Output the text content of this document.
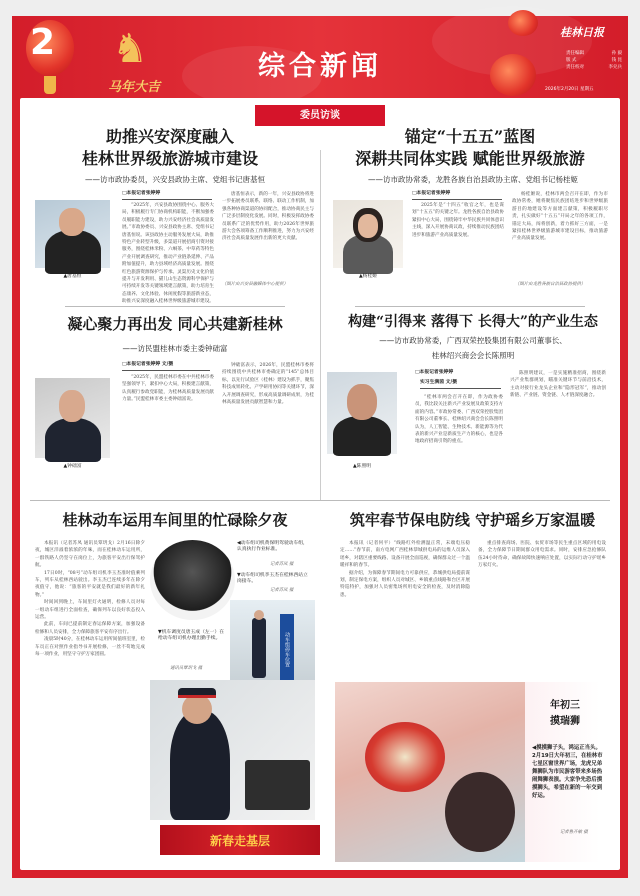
2	♞
马年大吉
综合新闻
桂林日报
责任编辑	孙 毅
版 式	钱 昆
责任校对	李兑兵
2026年2月20日 星期五
委员访谈
助推兴安深度融入
桂林世界级旅游城市建设
——访市政协委员，兴安县政协主席、党组书记唐基恒
▲唐基恒
□本报记者张婷婷
“2025年，兴安县政协围绕中心、服务大局，积极履行专门协商机构职能，不断加强委员履职能力建设，助力兴安经济社会高质量发展。”市政协委员、兴安县政协主席、党组书记唐基恒说。该县政协主动服务发展大局，助推特色产业转型升级，多渠道开展招商引资对接服务，围绕桂林米粉、六峒茶、中草药等特色产业开展调查研究，推动产业链条延伸、产品附加值提升，助力县域经济高质量发展。围绕红色旅游资源保护与传承、灵渠历史文化价值提升与开发利用、猫儿山生态资源科学保护与可持续开发等关键领域建言献策，助力培育生态康养、文化体验、休闲度假等旅游新业态，助推兴安深度融入桂林世界级旅游城市建设。
唐基恒表示，新的一年，兴安县政协将进一步拓展委员联系、联络、联动工作机制，加强各种协商渠道的协同配合，推动协商民主与广泛多层制度化发展。同时，积极发挥政协委员联系广泛的优势作用，助力2026年世界旅游大会各项筹备工作顺利推进，努力为兴安经济社会高质量发展作出新的更大贡献。
（图片由兴安县融媒体中心提供）
锚定“十五五”蓝图
深耕共同体实践 赋能世界级旅游
——访市政协常委，龙胜各族自治县政协主席、党组书记杨桂姬
▲杨桂姬
□本报记者张婷婷
2025年是“十四五”收官之年，也是谋划“十五五”的关键之年。龙胜各族自治县政协紧扣中心大局，围绕铸牢中华民族共同体意识主线，深入开展协商议政，持续推动民族团结进步和旅游产业高质量发展。
杨桂姬说，桂林市两会召开在即，作为市政协常委，她将聚焦民族团结进步和世界级旅游目的地建设等方面建言献策，积极履职尽责，扎实做好“十五五”开局之年的各项工作，锚定大局，闯将创新，着力抓好三方面，一是紧扣桂林世界级旅游城市建设目标，推动旅游产业高质量发展。
（图片由龙胜各族自治县政协提供）
凝心聚力再出发 同心共建新桂林
——访民盟桂林市委主委钟础富
▲钟础富
□本报记者张婷婷 文/摄
“2025年，民盟桂林市委在中共桂林市委坚强领导下，紧扣中心大局，积极建言献策，认真履行参政党职能，为桂林高质量发展贡献力量。”民盟桂林市委主委钟础富说。
钟础富表示，2026年，民盟桂林市委将持续围绕中共桂林市委确定的“145”总体目标，以先行试验区（桂林）建设为抓手，聚焦科技成果转化、产学研用协同等关键环节，深入开展调查研究，形成高质量调研成果，为桂林高质量发展贡献智慧和力量。
构建“引得来 落得下 长得大”的产业生态
——访市政协常委，广西双荣控股集团有限公司董事长、
桂林绍兴商会会长陈照明
▲陈照明
□本报记者张婷婷
实习生满茵 文/摄
“桂林市两会召开在即，作为政协委员，我比较关注新兴产业发展及政策支持方面的内容。”市政协常委、广西双荣控股集团有限公司董事长、桂林绍兴商会会长陈照明认为，人工智能、生物技术、新能源等为代表的新兴产业是新质生产力的核心，也是各地政府招商引资的重点。
陈照明建议，一是实施精准招商，围绕新兴产业集群规划，瞄准关键环节与前沿技术，主动对接行业龙头企业和“隐形冠军”，推动创新链、产业链、资金链、人才链深度融合。
桂林动车运用车间里的忙碌除夕夜

本报讯（记者苏凤 通讯员覃玥戈）2月16日除夕夜，城区洋溢着浓浓的年味，而在桂林动车运用所，一群铁路人仍坚守在岗位上，为旅客平安出行保驾护航。

17日0时，“08号”动车组司机李玉杰准时值乘列车，列车从桂林西站驶出。李玉杰已连续多年在除夕夜值守，他说：“旅客的平安就是我们最好的新年礼物。”

时间回到晚上，车间里灯火通明，检修人员对每一组动车组进行全面检查，确保列车以良好状态投入运营。

此前，车间已提前制定春运保障方案，加强设备检修和人员安排，全力保障旅客平安有序出行。

凌晨5时40分，在桂林动车运用所间值班室里，检车员正在对照作业指导书开展检修，一丝不苟地完成每一项作业，用坚守守护万家团圆。

◀动车组司机黄保明驾驶动车组，认真执行作业标准。
记者苏凤 摄
▼动车组司机李玉杰在桂林西站立岗接车。
记者苏凤 摄
动车组停车位置
▼机车调度员唐玉成（左一）在给动车组司机办理出勤手续。
通讯员覃玥戈 摄
新春走基层
筑牢春节保电防线 守护瑶乡万家温暖

本报讯（记者何平）“线路红外检测温正常，末端电压稳定……”春节前，南方电网广西桂林恭城供电局的运维人员深入瑶乡，对辖区重要线路、设备开展全面巡视，确保群众过一个温暖祥和的春节。

据介绍，为保障春节期间电力可靠供应，恭城供电局提前谋划，制定保电方案，组织人员对城区、乡镇重点线路和台区开展特巡特护，加强对人员密集场所用电安全的检查，及时消除隐患。

重点排查商场、医院、农贸市场等民生重点区域的用电设备，全力保障节日期间群众用电需求。同时，安排应急抢修队伍24小时待命，确保故障快速响应处置，以实际行动守护瑶乡万家灯火。
年初三
摸瑞狮
◀摸摸狮子头，鸿运正当头。2月19日大年初三，在桂林市七星区窗世界广场，龙虎兄弟舞狮队为市民游客带来多场热闹舞狮表演。大家争先恐后摸摸狮头，希望在新的一年交到好运。
记者鲁开敏 摄
